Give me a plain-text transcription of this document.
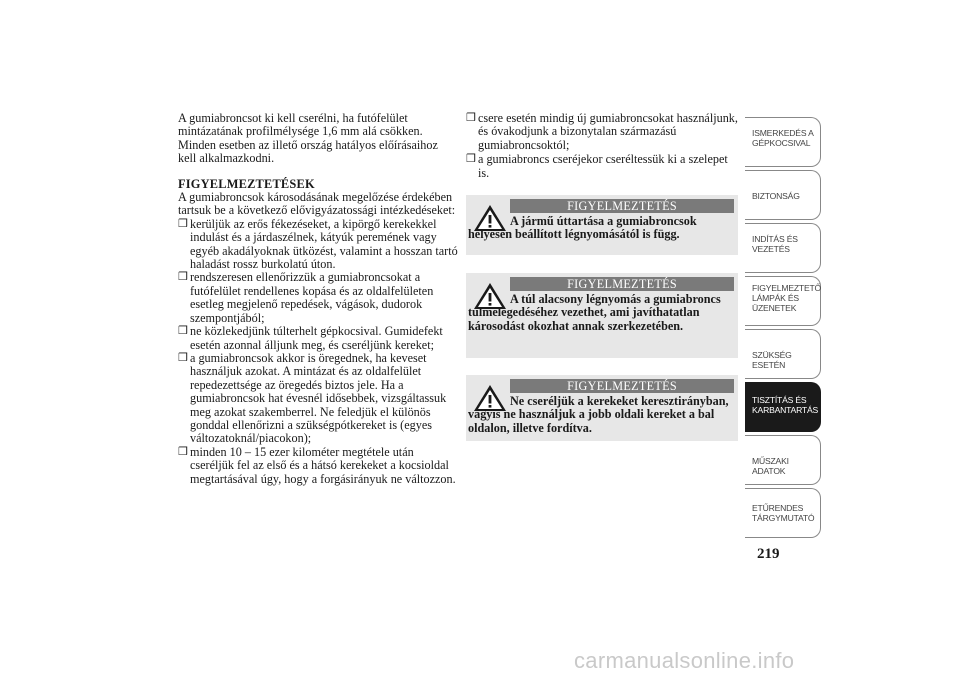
A gumiabroncsot ki kell cserélni, ha futófelület mintázatának profilmélysége 1,6 mm alá csökken. Minden esetben az illető ország hatályos előírásaihoz kell alkalmazkodni.

FIGYELMEZTETÉSEK

A gumiabroncsok károsodásának megelőzése érdekében tartsuk be a következő elővigyázatossági intézkedéseket:

❒ kerüljük az erős fékezéseket, a kipörgő kerekekkel indulást és a járdaszélnek, kátyúk peremének vagy egyéb akadályoknak ütközést, valamint a hosszan tartó haladást rossz burkolatú úton.
❒ rendszeresen ellenőrizzük a gumiabroncsokat a futófelület rendellenes kopása és az oldalfelületen esetleg megjelenő repedések, vágások, dudorok szempontjából;
❒ ne közlekedjünk túlterhelt gépkocsival. Gumidefekt esetén azonnal álljunk meg, és cseréljünk kereket;
❒ a gumiabroncsok akkor is öregednek, ha keveset használjuk azokat. A mintázat és az oldalfelület repedezettsége az öregedés biztos jele. Ha a gumiabroncsok hat évesnél idősebbek, vizsgáltassuk meg azokat szakemberrel. Ne feledjük el különös gonddal ellenőrizni a szükségpótkereket is (egyes változatoknál/piacokon);
❒ minden 10 – 15 ezer kilométer megtétele után cseréljük fel az első és a hátsó kerekeket a kocsioldal megtartásával úgy, hogy a forgásirányuk ne változzon.
❒ csere esetén mindig új gumiabroncsokat használjunk, és óvakodjunk a bizonytalan származású gumiabroncsoktól;
❒ a gumiabroncs cseréjekor cseréltessük ki a szelepet is.
FIGYELMEZTETÉS
A jármű úttartása a gumiabroncsok helyesen beállított légnyomásától is függ.
FIGYELMEZTETÉS
A túl alacsony légnyomás a gumiabroncs túlmelegedéséhez vezethet, ami javíthatatlan károsodást okozhat annak szerkezetében.
FIGYELMEZTETÉS
Ne cseréljük a kerekeket keresztirányban, vagyis ne használjuk a jobb oldali kereket a bal oldalon, illetve fordítva.
ISMERKEDÉS A
GÉPKOCSIVAL
BIZTONSÁG
INDÍTÁS ÉS
VEZETÉS
FIGYELMEZTETŐ
LÁMPÁK ÉS
ÜZENETEK
SZÜKSÉG ESETÉN
TISZTÍTÁS ÉS
KARBANTARTÁS
MŰSZAKI ADATOK
ETŰRENDES
TÁRGYMUTATÓ
219
carmanualsonline.info
